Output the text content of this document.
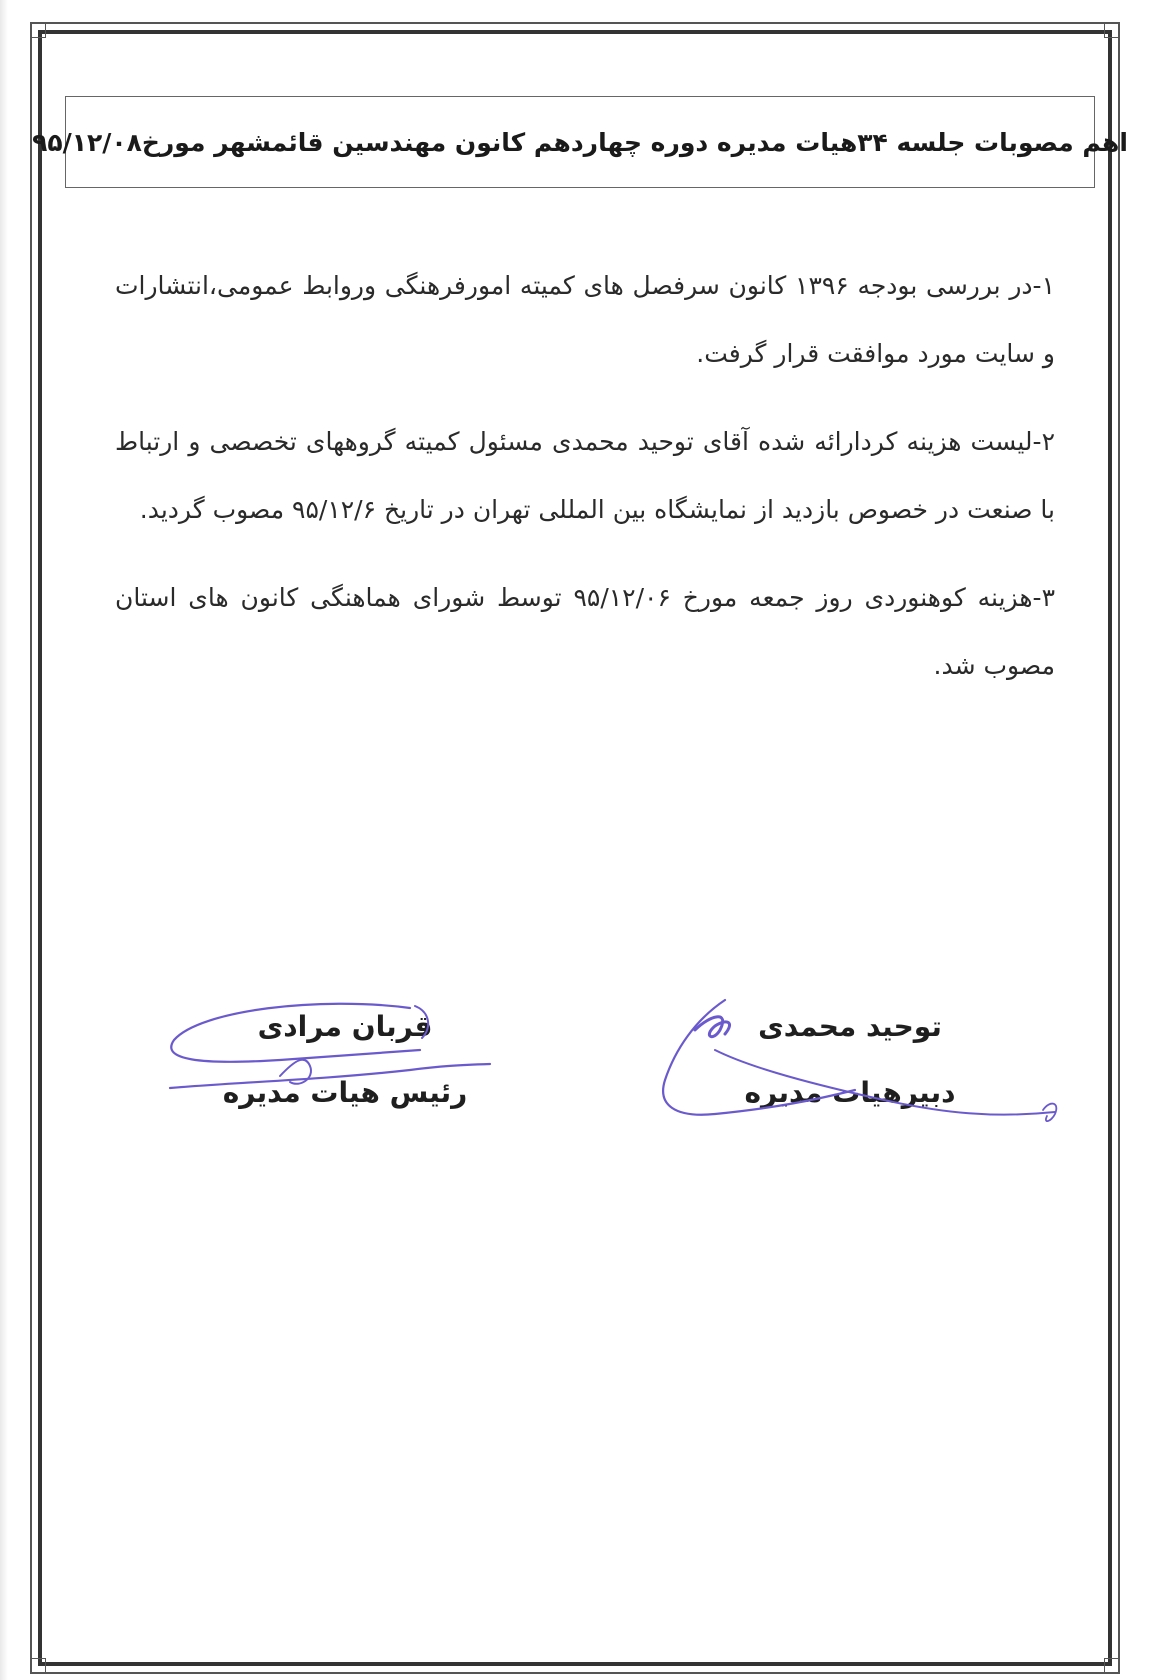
اهم مصوبات جلسه ۳۴هیات مدیره دوره چهاردهم کانون مهندسین قائمشهر مورخ۹۵/۱۲/۰۸

۱-در بررسی بودجه ۱۳۹۶ کانون سرفصل های کمیته امورفرهنگی وروابط عمومی،انتشارات و سایت مورد موافقت قرار گرفت.

۲-لیست هزینه کردارائه شده آقای توحید محمدی مسئول کمیته گروههای تخصصی و ارتباط با صنعت در خصوص بازدید از نمایشگاه بین المللی تهران در تاریخ ۹۵/۱۲/۶ مصوب گردید.

۳-هزینه کوهنوردی روز جمعه مورخ ۹۵/۱۲/۰۶ توسط شورای هماهنگی کانون های استان مصوب شد.

قربان مرادی
رئیس هیات مدیره
توحید محمدی
دبیرهیات مدیره
